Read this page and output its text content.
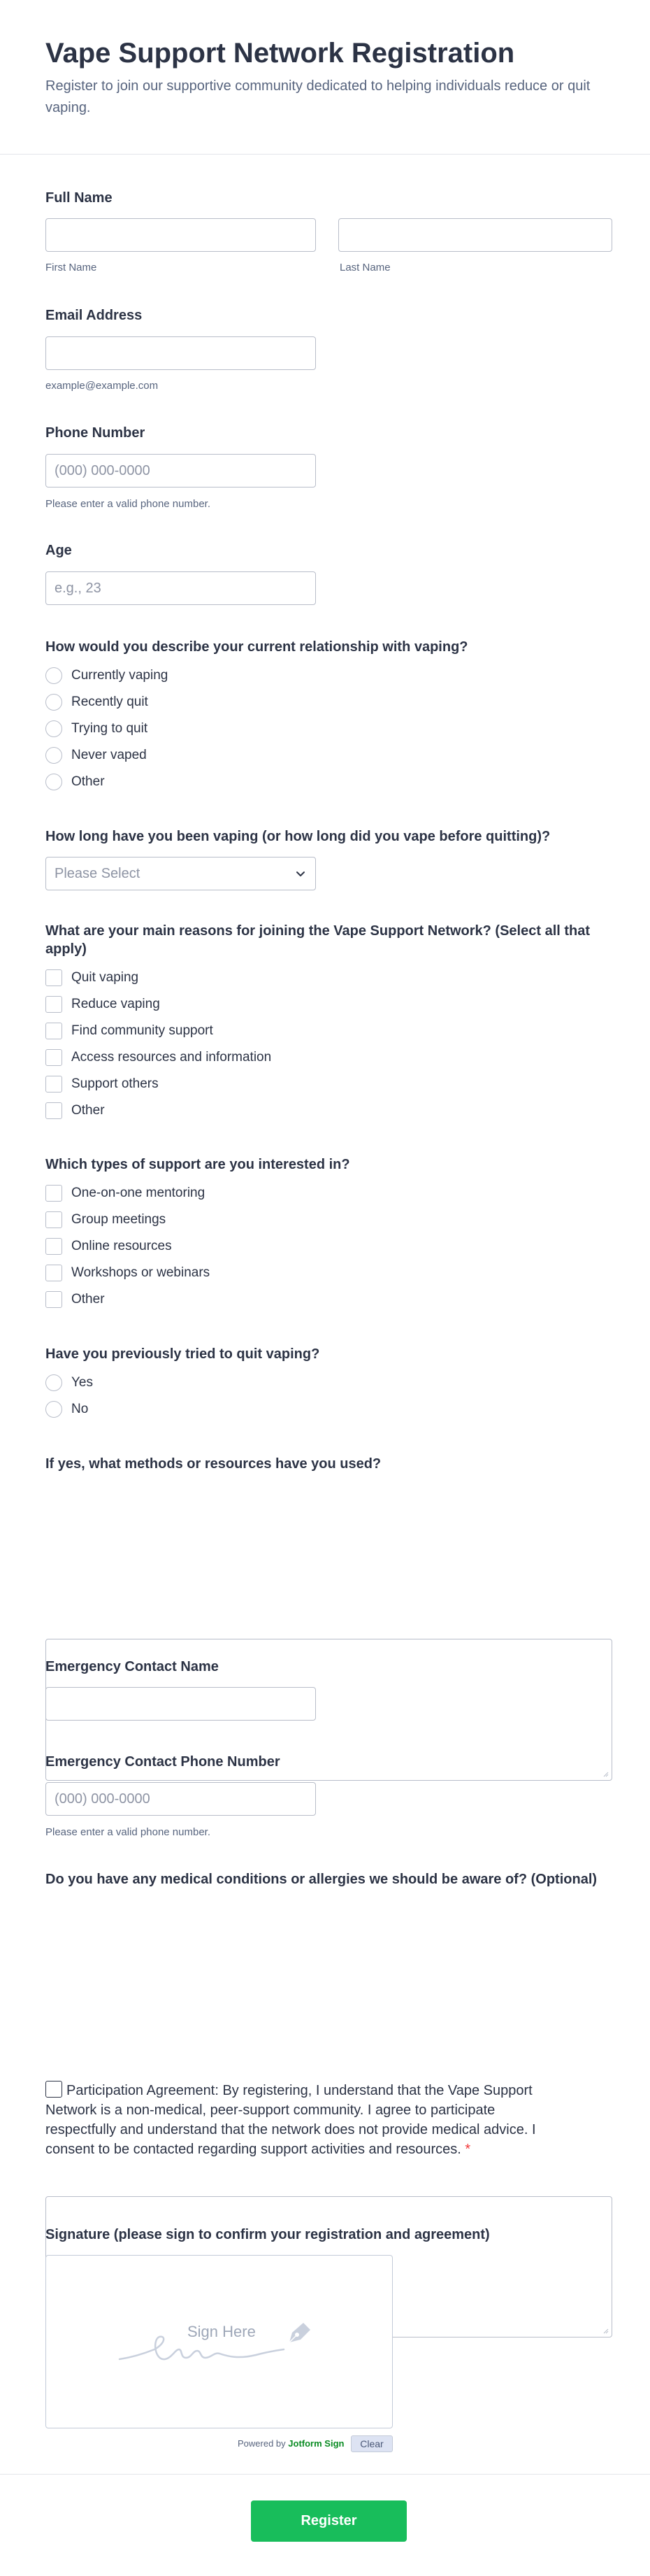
Vape Support Network Registration

Register to join our supportive community dedicated to helping individuals reduce or quit vaping.

Full Name
First Name	Last Name
Email Address
example@example.com
Phone Number
(000) 000-0000
Please enter a valid phone number.
Age
e.g., 23
How would you describe your current relationship with vaping?
Currently vaping
Recently quit
Trying to quit
Never vaped
Other
How long have you been vaping (or how long did you vape before quitting)?
Please Select
What are your main reasons for joining the Vape Support Network? (Select all that apply)
Quit vaping
Reduce vaping
Find community support
Access resources and information
Support others
Other
Which types of support are you interested in?
One-on-one mentoring
Group meetings
Online resources
Workshops or webinars
Other
Have you previously tried to quit vaping?
Yes
No
If yes, what methods or resources have you used?
Emergency Contact Name
Emergency Contact Phone Number
(000) 000-0000
Please enter a valid phone number.
Do you have any medical conditions or allergies we should be aware of? (Optional)
Participation Agreement: By registering, I understand that the Vape Support Network is a non-medical, peer-support community. I agree to participate respectfully and understand that the network does not provide medical advice. I consent to be contacted regarding support activities and resources. *
Signature (please sign to confirm your registration and agreement)
Sign Here
Powered by Jotform Sign	Clear
Register
